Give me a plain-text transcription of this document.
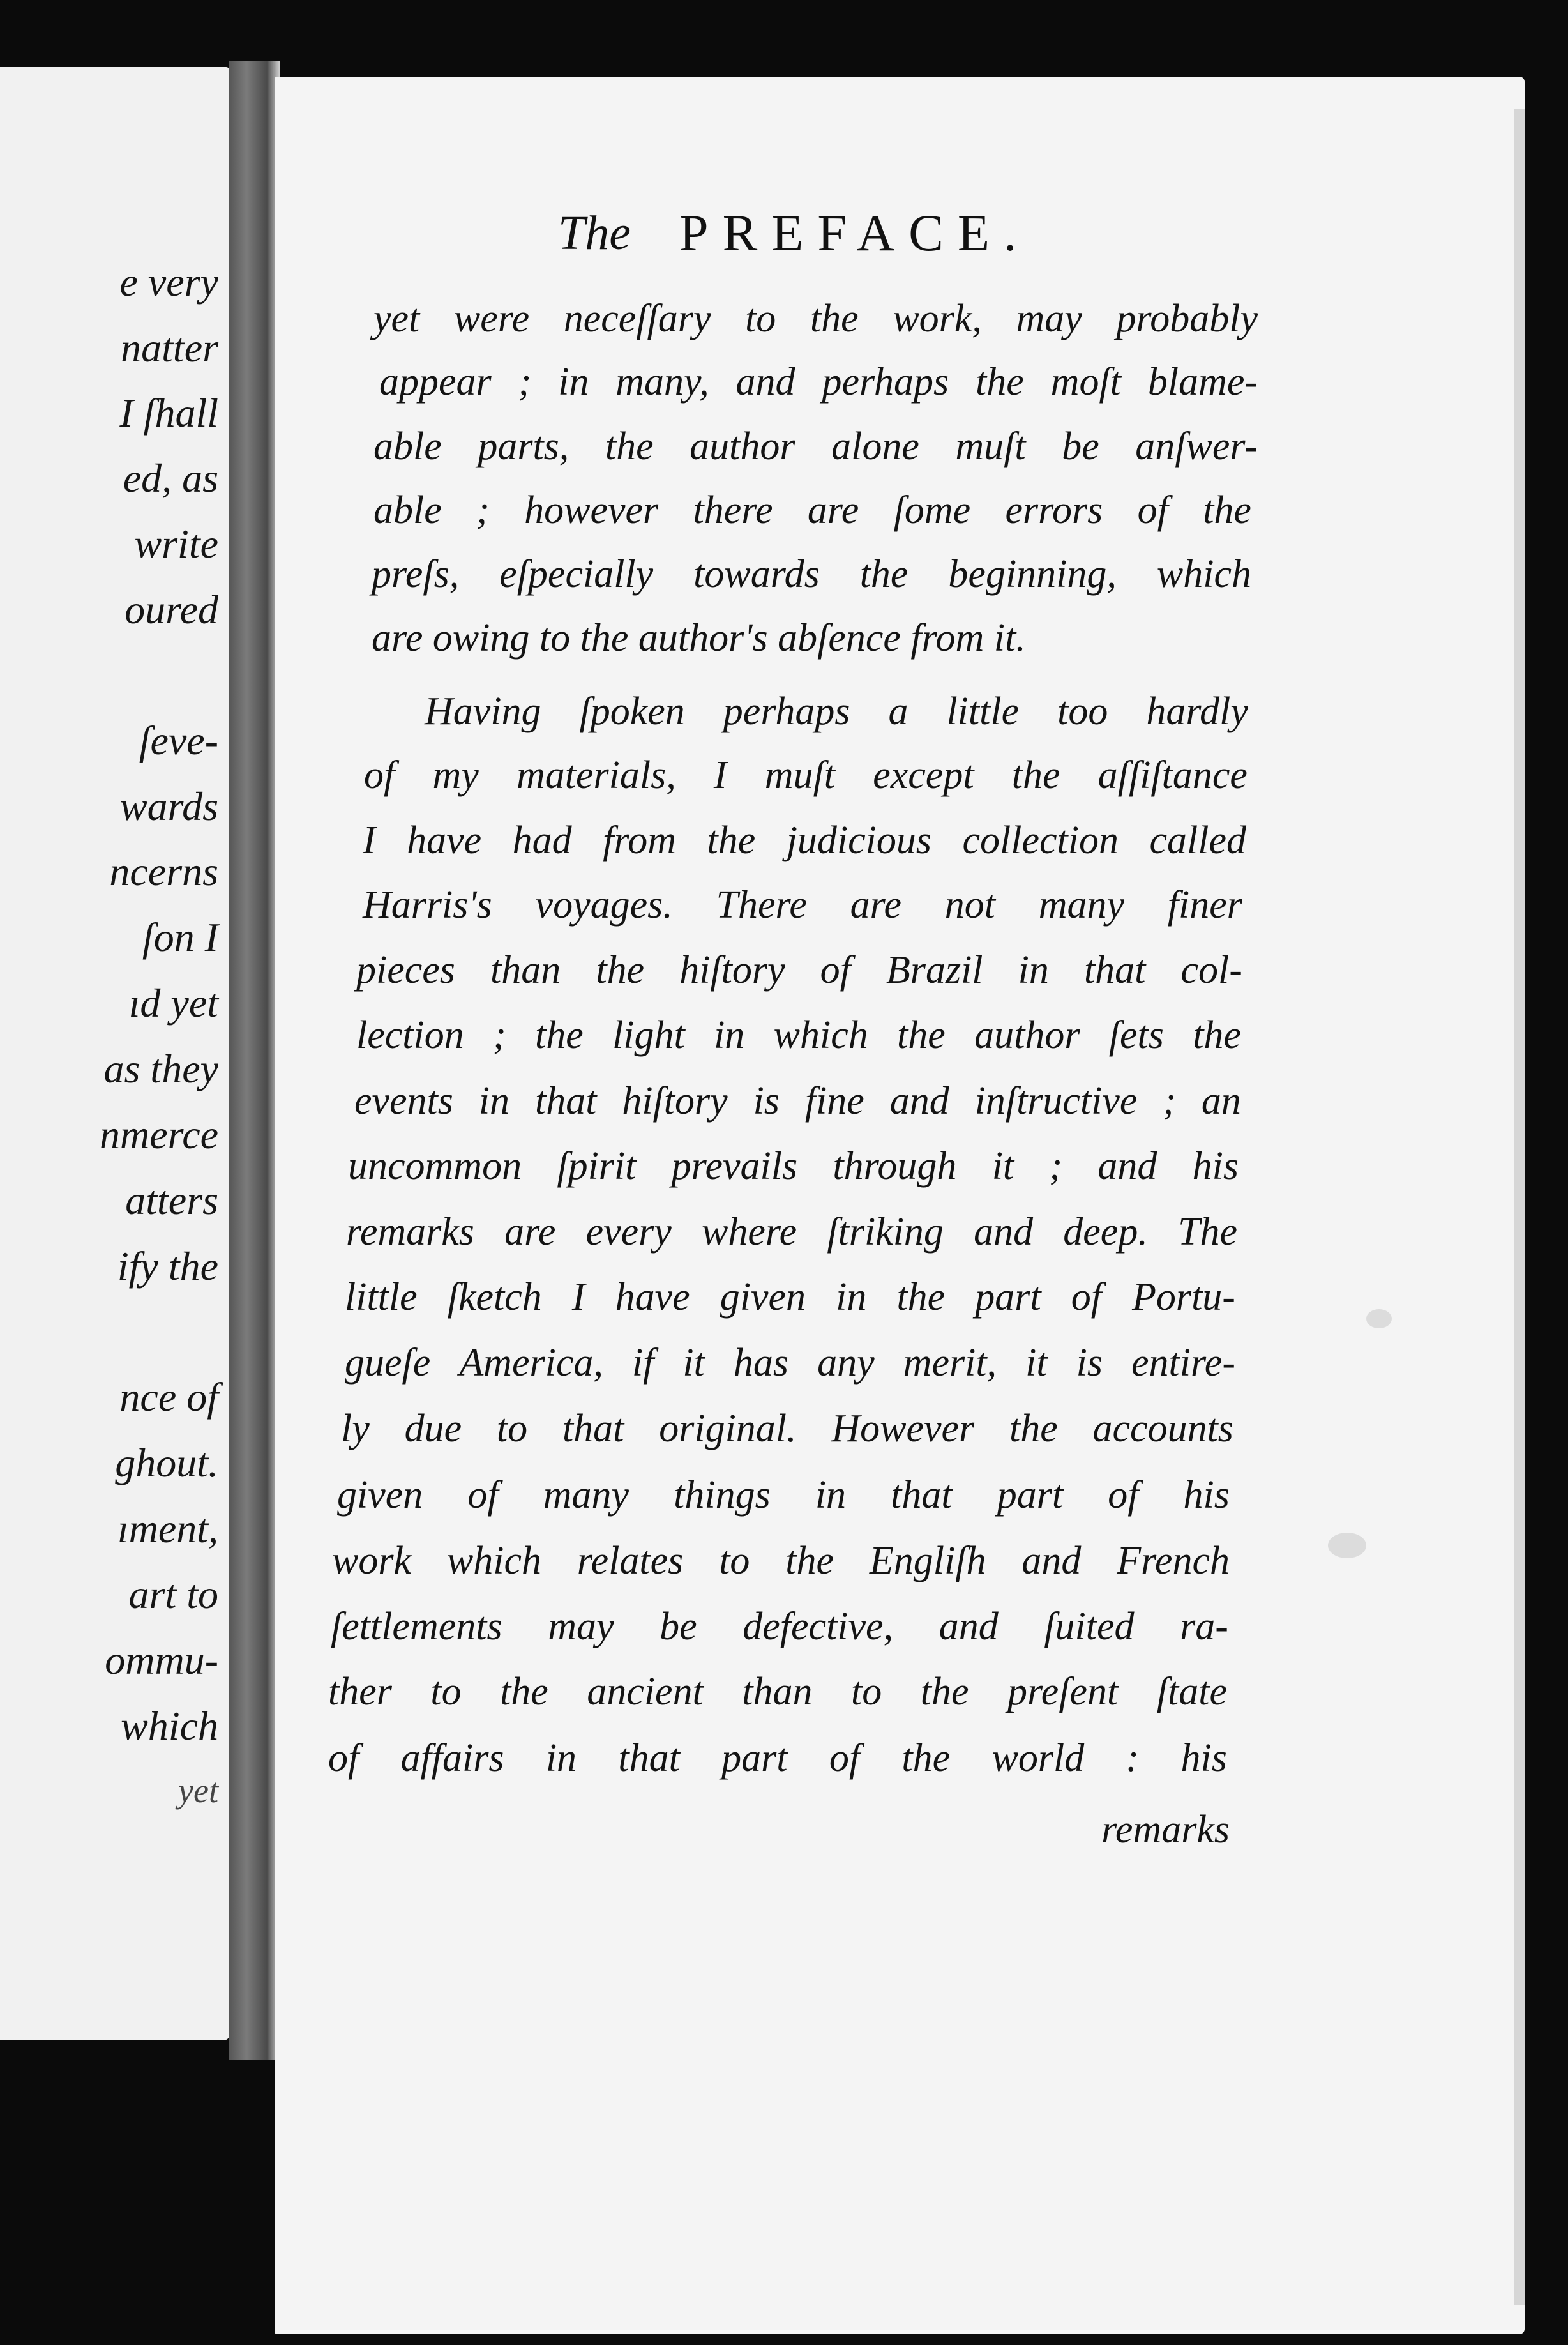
e very
natter
I ſhall
ed, as
write
oured
ſeve-
wards
ncerns
ſon I
ıd yet
as they
nmerce
atters
ify the
nce of
ghout.
ıment,
art to
ommu-
which
yet
The PREFACE.
yet were neceſſary to the work, may probably
appear ; in many, and perhaps the moſt blame-
able parts, the author alone muſt be anſwer-
able ; however there are ſome errors of the
preſs, eſpecially towards the beginning, which
are owing to the author's abſence from it.
Having ſpoken perhaps a little too hardly
of my materials, I muſt except the aſſiſtance
I have had from the judicious collection called
Harris's voyages. There are not many finer
pieces than the hiſtory of Brazil in that col-
lection ; the light in which the author ſets the
events in that hiſtory is fine and inſtructive ; an
uncommon ſpirit prevails through it ; and his
remarks are every where ſtriking and deep. The
little ſketch I have given in the part of Portu-
gueſe America, if it has any merit, it is entire-
ly due to that original. However the accounts
given of many things in that part of his
work which relates to the Engliſh and French
ſettlements may be defective, and ſuited ra-
ther to the ancient than to the preſent ſtate
of affairs in that part of the world : his
remarks
